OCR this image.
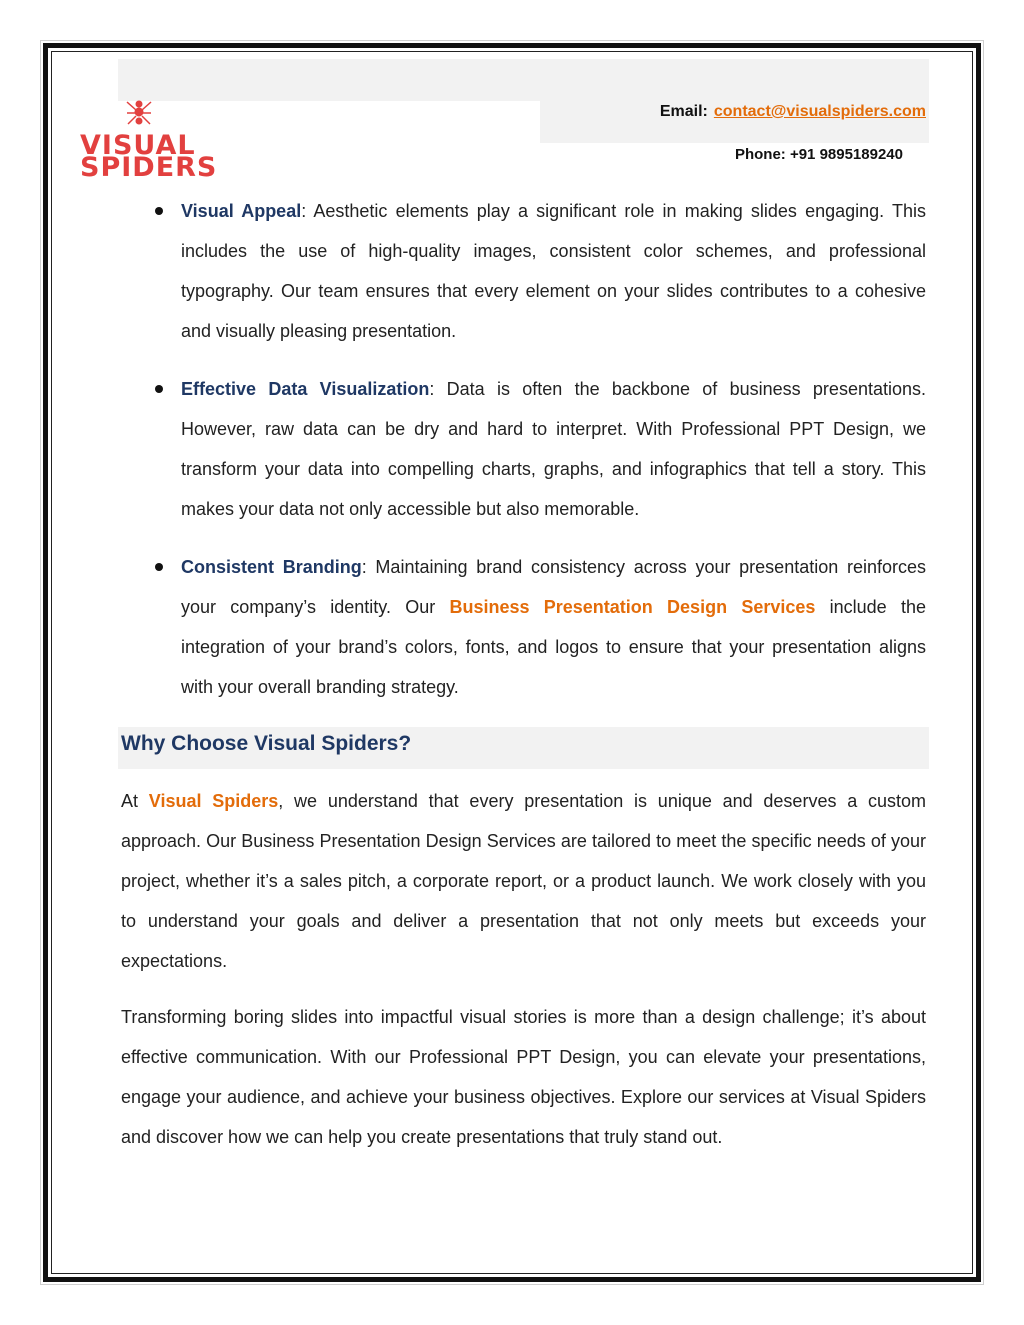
VISUAL
SPIDERS
Email: contact@visualspiders.com
Phone: +91 9895189240
Visual Appeal: Aesthetic elements play a significant role in making slides engaging. This includes the use of high-quality images, consistent color schemes, and professional typography. Our team ensures that every element on your slides contributes to a cohesive and visually pleasing presentation.
Effective Data Visualization: Data is often the backbone of business presentations. However, raw data can be dry and hard to interpret. With Professional PPT Design, we transform your data into compelling charts, graphs, and infographics that tell a story. This makes your data not only accessible but also memorable.
Consistent Branding: Maintaining brand consistency across your presentation reinforces your company’s identity. Our Business Presentation Design Services include the integration of your brand’s colors, fonts, and logos to ensure that your presentation aligns with your overall branding strategy.
Why Choose Visual Spiders?
At Visual Spiders, we understand that every presentation is unique and deserves a custom approach. Our Business Presentation Design Services are tailored to meet the specific needs of your project, whether it’s a sales pitch, a corporate report, or a product launch. We work closely with you to understand your goals and deliver a presentation that not only meets but exceeds your expectations.
Transforming boring slides into impactful visual stories is more than a design challenge; it’s about effective communication. With our Professional PPT Design, you can elevate your presentations, engage your audience, and achieve your business objectives. Explore our services at Visual Spiders and discover how we can help you create presentations that truly stand out.
